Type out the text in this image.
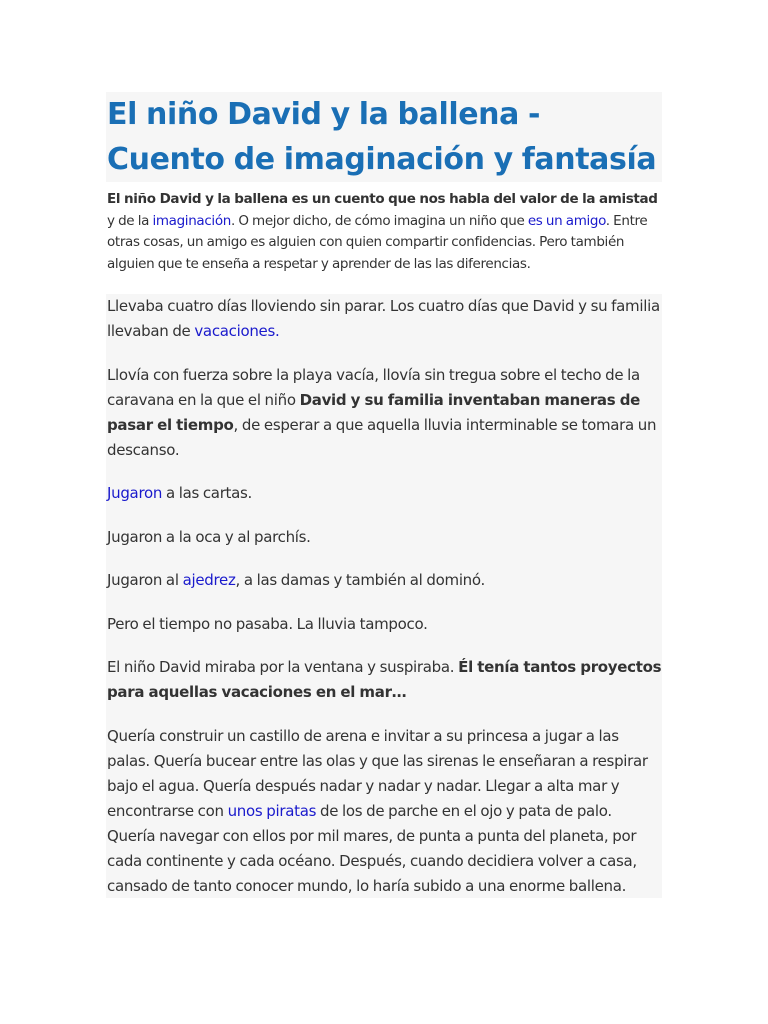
El niño David y la ballena - Cuento de imaginación y fantasía

El niño David y la ballena es un cuento que nos habla del valor de la amistad y de la imaginación. O mejor dicho, de cómo imagina un niño que es un amigo. Entre otras cosas, un amigo es alguien con quien compartir confidencias. Pero también alguien que te enseña a respetar y aprender de las las diferencias.

Llevaba cuatro días lloviendo sin parar. Los cuatro días que David y su familia llevaban de vacaciones.

Llovía con fuerza sobre la playa vacía, llovía sin tregua sobre el techo de la caravana en la que el niño David y su familia inventaban maneras de pasar el tiempo, de esperar a que aquella lluvia interminable se tomara un descanso.

Jugaron a las cartas.

Jugaron a la oca y al parchís.

Jugaron al ajedrez, a las damas y también al dominó.

Pero el tiempo no pasaba. La lluvia tampoco.

El niño David miraba por la ventana y suspiraba. Él tenía tantos proyectos para aquellas vacaciones en el mar…

Quería construir un castillo de arena e invitar a su princesa a jugar a las palas. Quería bucear entre las olas y que las sirenas le enseñaran a respirar bajo el agua. Quería después nadar y nadar y nadar. Llegar a alta mar y encontrarse con unos piratas de los de parche en el ojo y pata de palo. Quería navegar con ellos por mil mares, de punta a punta del planeta, por cada continente y cada océano. Después, cuando decidiera volver a casa, cansado de tanto conocer mundo, lo haría subido a una enorme ballena.
